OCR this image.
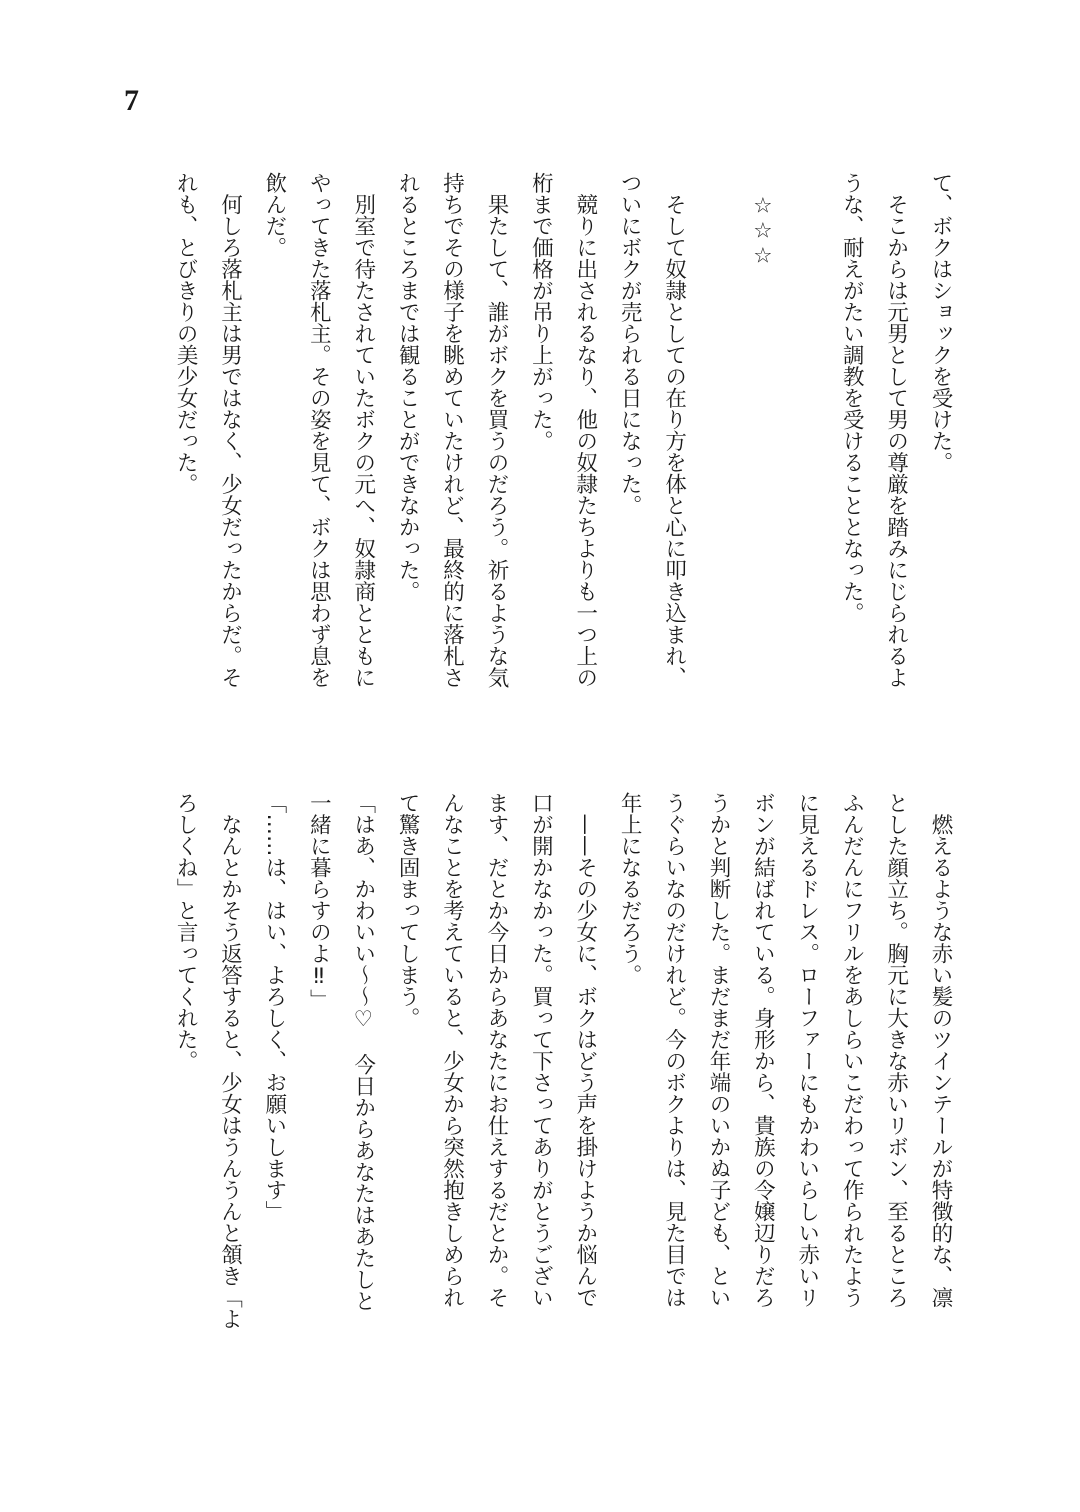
7
て、ボクはショックを受けた。
　そこからは元男として男の尊厳を踏みにじられるよ
うな、耐えがたい調教を受けることとなった。

　☆☆☆

　そして奴隷としての在り方を体と心に叩き込まれ、
ついにボクが売られる日になった。
　競りに出されるなり、他の奴隷たちよりも一つ上の
桁まで価格が吊り上がった。
　果たして、誰がボクを買うのだろう。祈るような気
持ちでその様子を眺めていたけれど、最終的に落札さ
れるところまでは観ることができなかった。
　別室で待たされていたボクの元へ、奴隷商とともに
やってきた落札主。その姿を見て、ボクは思わず息を
飲んだ。
　何しろ落札主は男ではなく、少女だったからだ。そ
れも、とびきりの美少女だった。
　燃えるような赤い髪のツインテールが特徴的な、凛
とした顔立ち。胸元に大きな赤いリボン、至るところ
ふんだんにフリルをあしらいこだわって作られたよう
に見えるドレス。ローファーにもかわいらしい赤いリ
ボンが結ばれている。身形から、貴族の令嬢辺りだろ
うかと判断した。まだまだ年端のいかぬ子ども、とい
うぐらいなのだけれど。今のボクよりは、見た目では
年上になるだろう。
　——その少女に、ボクはどう声を掛けようか悩んで
口が開かなかった。買って下さってありがとうござい
ます、だとか今日からあなたにお仕えするだとか。そ
んなことを考えていると、少女から突然抱きしめられ
て驚き固まってしまう。
「はあ、かわいい～～♡　今日からあなたはあたしと
一緒に暮らすのよ‼」
「……は、はい、よろしく、お願いします」
　なんとかそう返答すると、少女はうんうんと頷き「よ
ろしくね」と言ってくれた。
